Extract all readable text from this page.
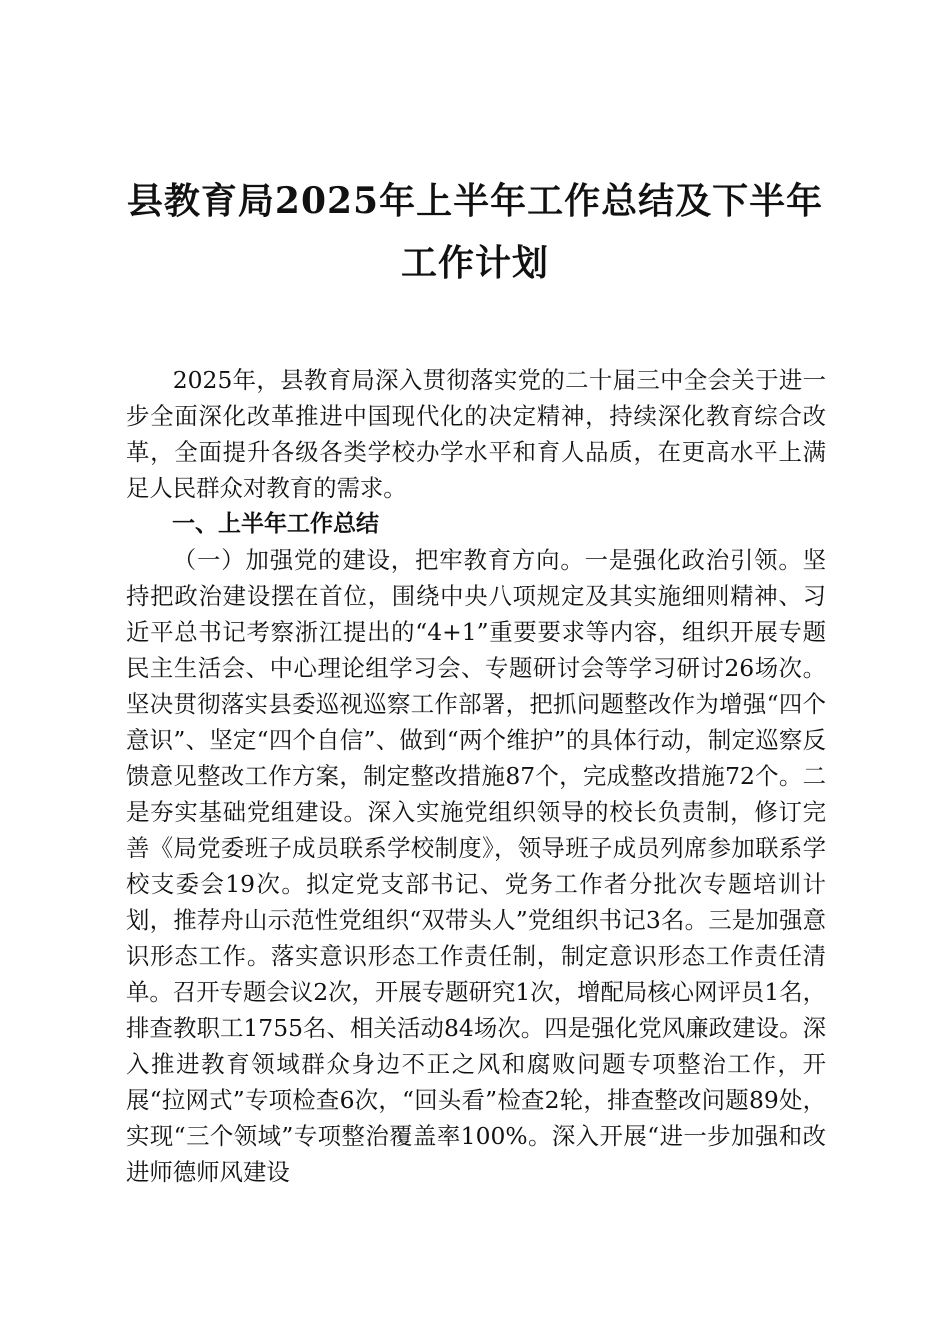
县教育局2025年上半年工作总结及下半年工作计划

2025年，县教育局深入贯彻落实党的二十届三中全会关于进一步全面深化改革推进中国现代化的决定精神，持续深化教育综合改革，全面提升各级各类学校办学水平和育人品质，在更高水平上满足人民群众对教育的需求。

一、上半年工作总结

（一）加强党的建设，把牢教育方向。一是强化政治引领。坚持把政治建设摆在首位，围绕中央八项规定及其实施细则精神、习近平总书记考察浙江提出的“4+1”重要要求等内容，组织开展专题民主生活会、中心理论组学习会、专题研讨会等学习研讨26场次。坚决贯彻落实县委巡视巡察工作部署，把抓问题整改作为增强“四个意识”、坚定“四个自信”、做到“两个维护”的具体行动，制定巡察反馈意见整改工作方案，制定整改措施87个，完成整改措施72个。二是夯实基础党组建设。深入实施党组织领导的校长负责制，修订完善《局党委班子成员联系学校制度》，领导班子成员列席参加联系学校支委会19次。拟定党支部书记、党务工作者分批次专题培训计划，推荐舟山示范性党组织“双带头人”党组织书记3名。三是加强意识形态工作。落实意识形态工作责任制，制定意识形态工作责任清单。召开专题会议2次，开展专题研究1次，增配局核心网评员1名，排查教职工1755名、相关活动84场次。四是强化党风廉政建设。深入推进教育领域群众身边不正之风和腐败问题专项整治工作，开展“拉网式”专项检查6次，“回头看”检查2轮，排查整改问题89处，实现“三个领域”专项整治覆盖率100%。深入开展“进一步加强和改进师德师风建设
